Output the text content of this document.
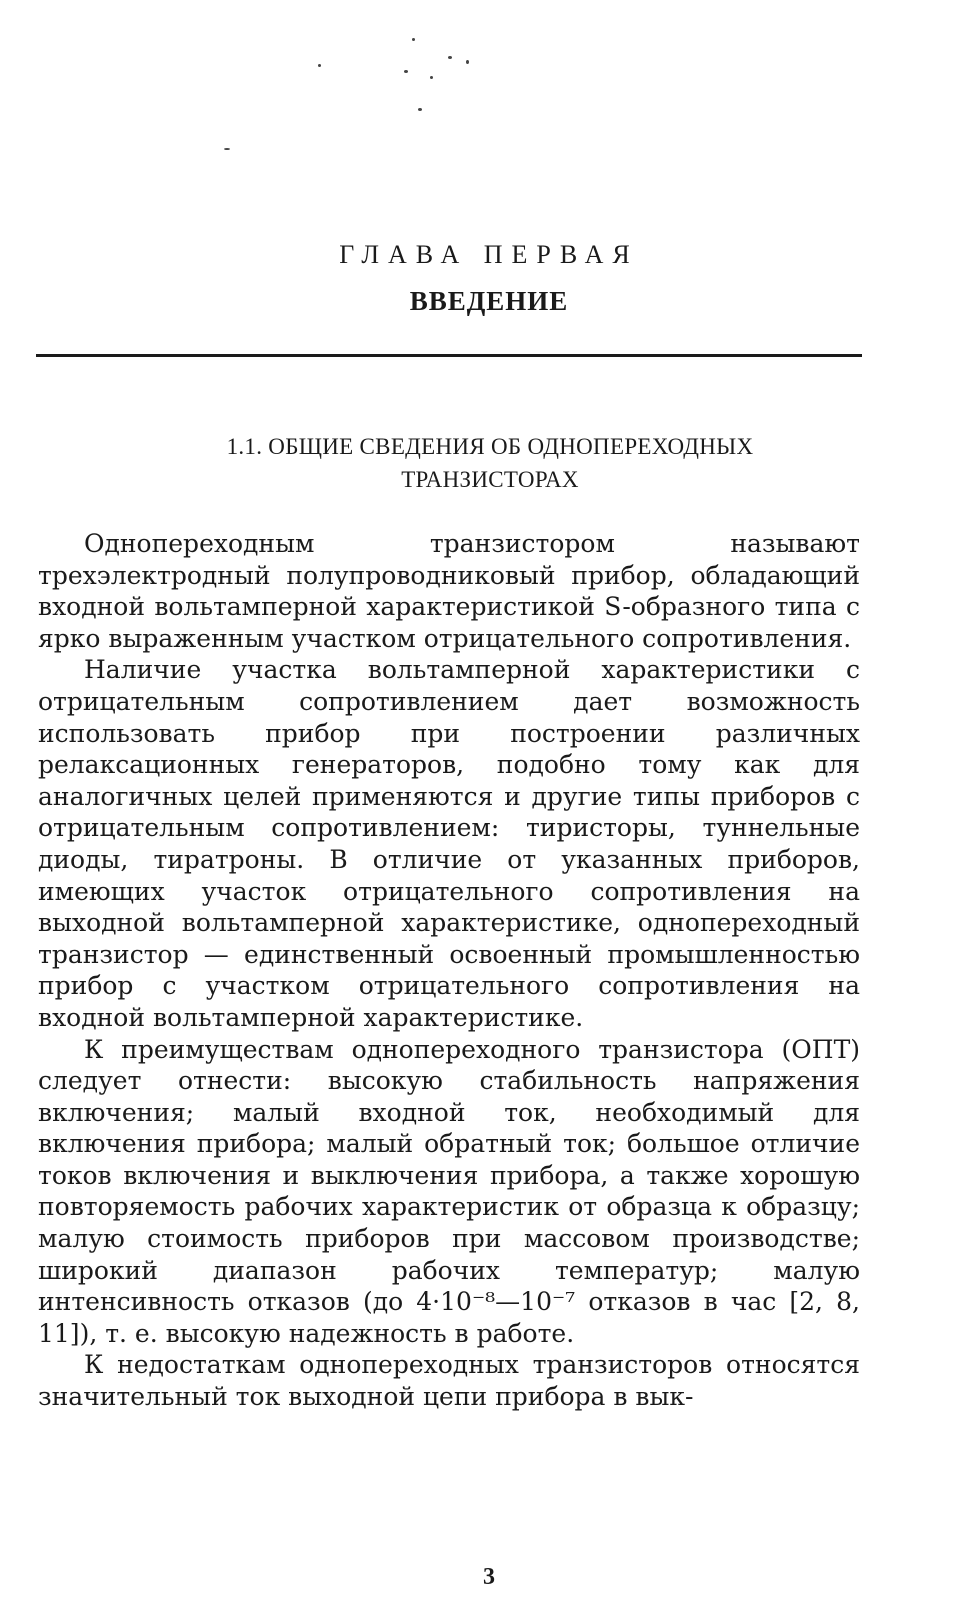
ГЛАВА ПЕРВАЯ
ВВЕДЕНИЕ
1.1. ОБЩИЕ СВЕДЕНИЯ ОБ ОДНОПЕРЕХОДНЫХ
ТРАНЗИСТОРАХ

Однопереходным транзистором называют трехэлектродный полупроводниковый прибор, обладающий входной вольтамперной характеристикой S-образного типа с ярко выраженным участком отрицательного сопротивления.

Наличие участка вольтамперной характеристики с отрицательным сопротивлением дает возможность использовать прибор при построении различных релаксационных генераторов, подобно тому как для аналогичных целей применяются и другие типы приборов с отрицательным сопротивлением: тиристоры, туннельные диоды, тиратроны. В отличие от указанных приборов, имеющих участок отрицательного сопротивления на выходной вольтамперной характеристике, однопереходный транзистор — единственный освоенный промышленностью прибор с участком отрицательного сопротивления на входной вольтамперной характеристике.

К преимуществам однопереходного транзистора (ОПТ) следует отнести: высокую стабильность напряжения включения; малый входной ток, необходимый для включения прибора; малый обратный ток; большое отличие токов включения и выключения прибора, а также хорошую повторяемость рабочих характеристик от образца к образцу; малую стоимость приборов при массовом производстве; широкий диапазон рабочих температур; малую интенсивность отказов (до 4·10⁻⁸—10⁻⁷ отказов в час [2, 8, 11]), т. е. высокую надежность в работе.

К недостаткам однопереходных транзисторов относятся значительный ток выходной цепи прибора в вык-

3
